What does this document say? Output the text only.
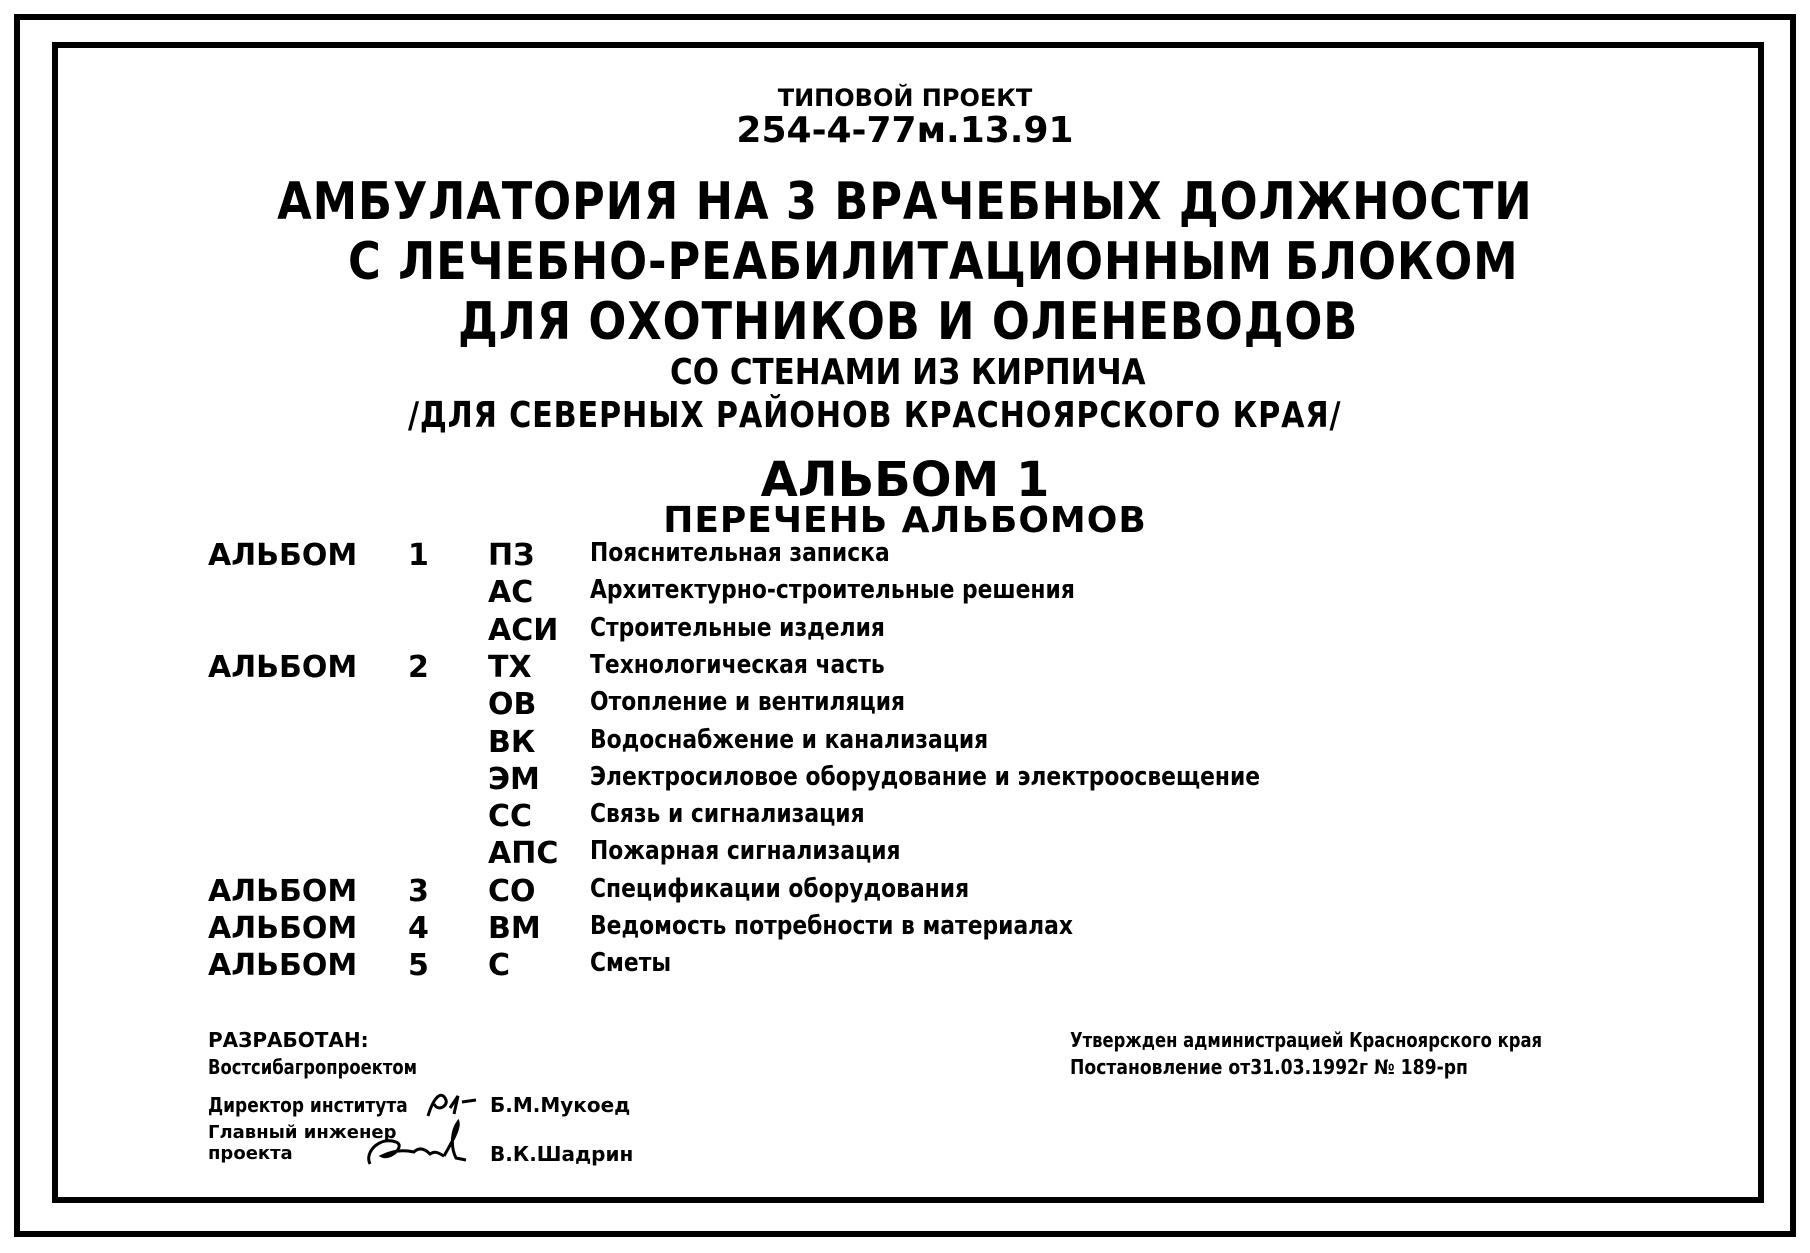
ТИПОВОЙ ПРОЕКТ
254-4-77м.13.91
АМБУЛАТОРИЯ НА 3 ВРАЧЕБНЫХ ДОЛЖНОСТИ
С ЛЕЧЕБНО-РЕАБИЛИТАЦИОННЫМ БЛОКОМ
ДЛЯ ОХОТНИКОВ И ОЛЕНЕВОДОВ
СО СТЕНАМИ ИЗ КИРПИЧА
/ДЛЯ СЕВЕРНЫХ РАЙОНОВ КРАСНОЯРСКОГО КРАЯ/
АЛЬБОМ 1
ПЕРЕЧЕНЬ АЛЬБОМОВ
АЛЬБОМ 1 ПЗ Пояснительная записка
АС Архитектурно-строительные решения
АСИ Строительные изделия
АЛЬБОМ 2 ТХ Технологическая часть
ОВ Отопление и вентиляция
ВК Водоснабжение и канализация
ЭМ Электросиловое оборудование и электроосвещение
СС Связь и сигнализация
АПС Пожарная сигнализация
АЛЬБОМ 3 СО Спецификации оборудования
АЛЬБОМ 4 ВМ Ведомость потребности в материалах
АЛЬБОМ 5 С	Сметы
РАЗРАБОТАН:
Востсибагропроектом
Директор института	Б.М.Мукоед
Главный инженер
проекта	В.К.Шадрин
Утвержден администрацией Красноярского края
Постановление от31.03.1992г № 189-рп
